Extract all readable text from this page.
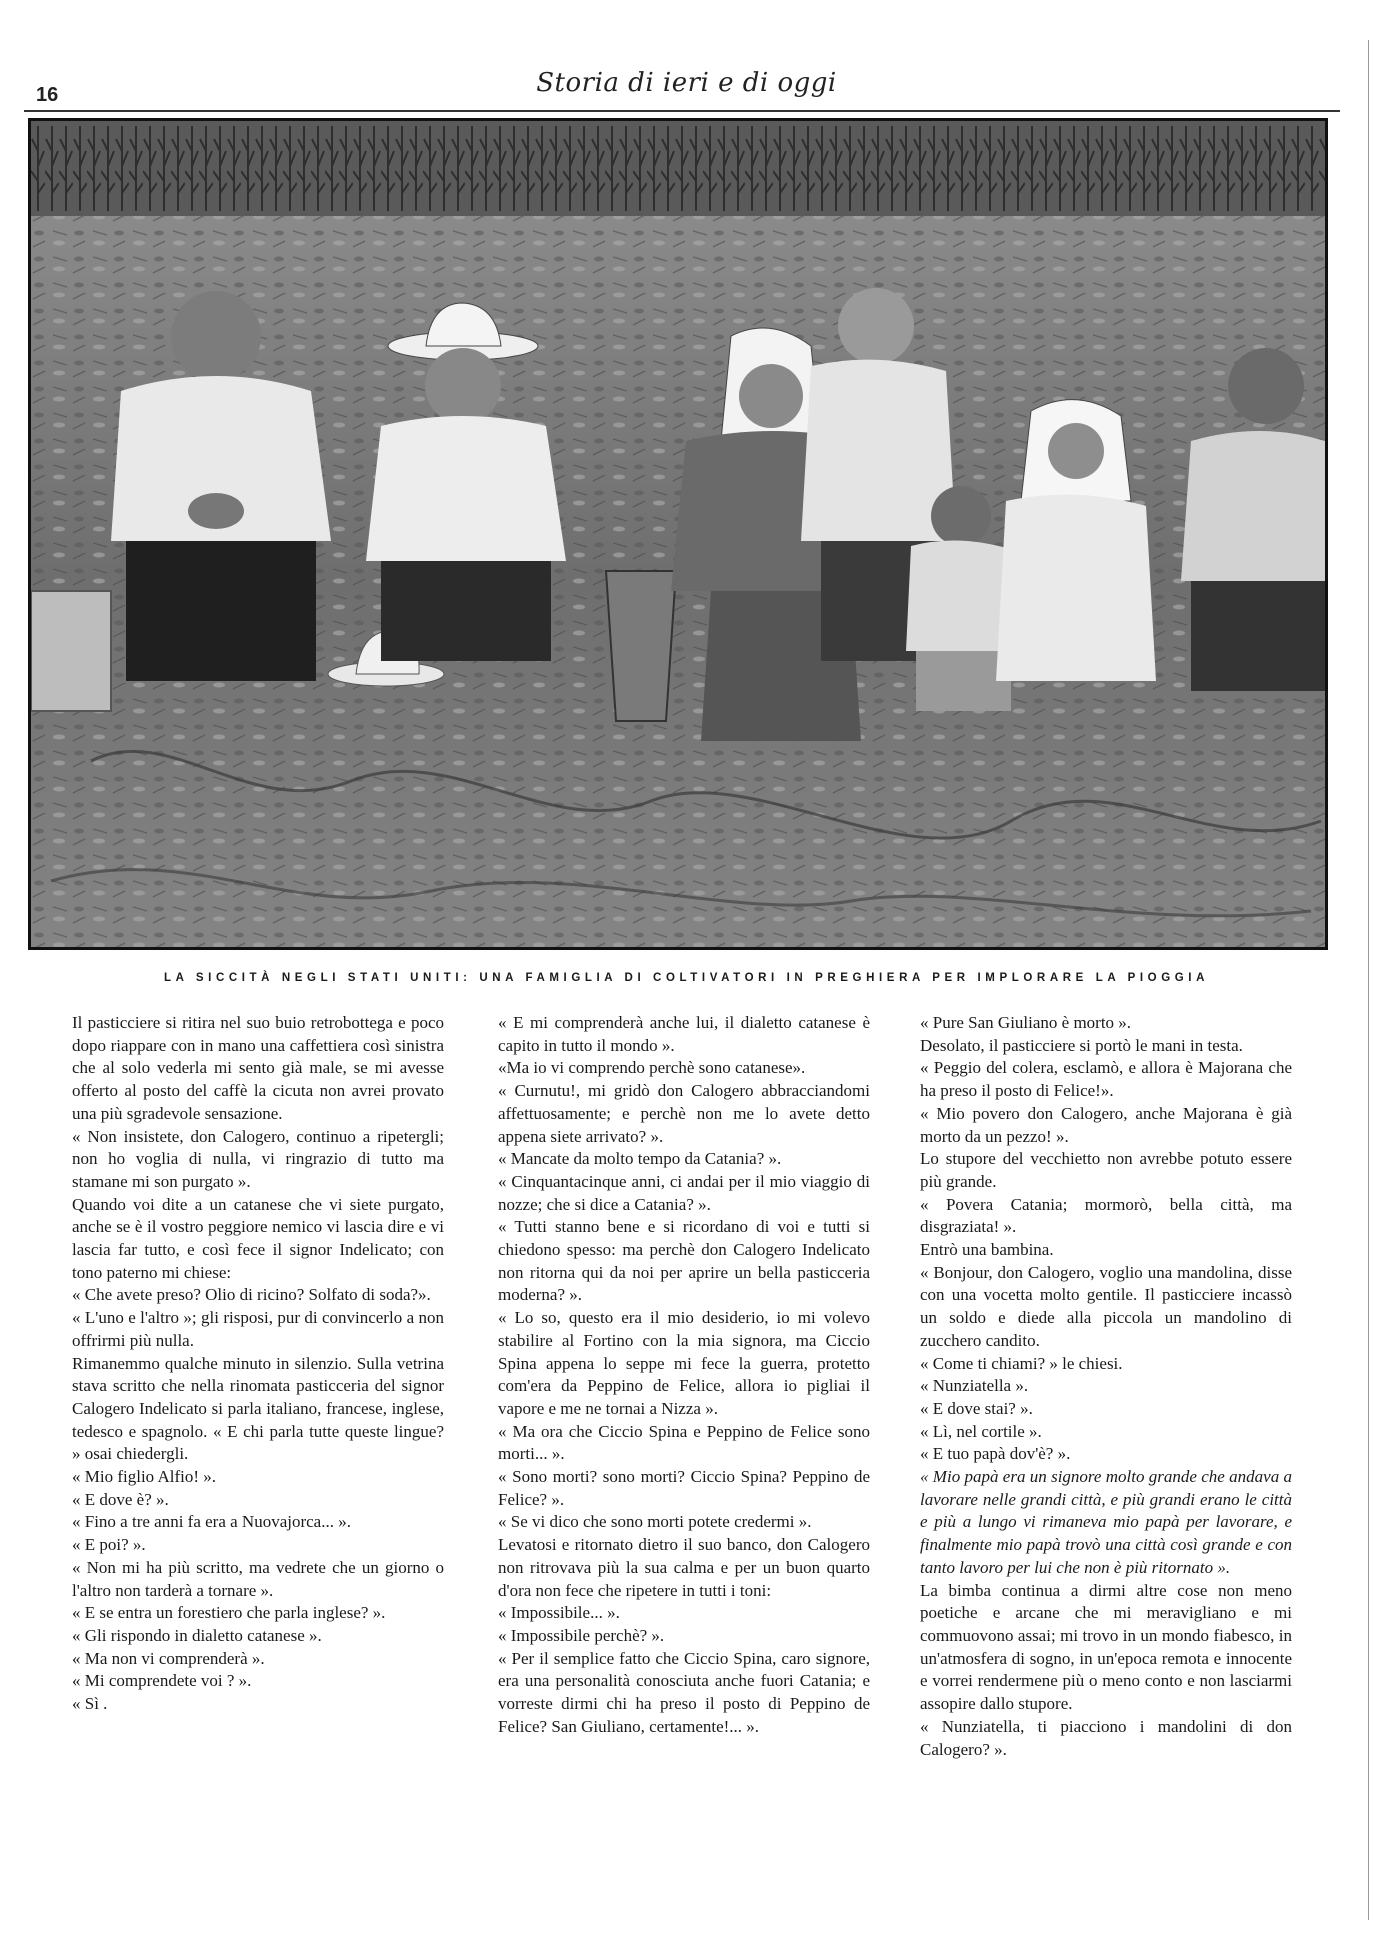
16	Storia di ieri e di oggi
LA SICCITÀ NEGLI STATI UNITI: UNA FAMIGLIA DI COLTIVATORI IN PREGHIERA PER IMPLORARE LA PIOGGIA

Il pasticciere si ritira nel suo buio retrobottega e poco dopo riappare con in mano una caffettiera così sinistra che al solo vederla mi sento già male, se mi avesse offerto al posto del caffè la cicuta non avrei provato una più sgradevole sensazione.

« Non insistete, don Calogero, continuo a ripetergli; non ho voglia di nulla, vi ringrazio di tutto ma stamane mi son purgato ».

Quando voi dite a un catanese che vi siete purgato, anche se è il vostro peggiore nemico vi lascia dire e vi lascia far tutto, e così fece il signor Indelicato; con tono paterno mi chiese:

« Che avete preso? Olio di ricino? Solfato di soda?».

« L'uno e l'altro »; gli risposi, pur di convincerlo a non offrirmi più nulla.

Rimanemmo qualche minuto in silenzio. Sulla vetrina stava scritto che nella rinomata pasticceria del signor Calogero Indelicato si parla italiano, francese, inglese, tedesco e spagnolo. « E chi parla tutte queste lingue? » osai chiedergli.

« Mio figlio Alfio! ».

« E dove è? ».

« Fino a tre anni fa era a Nuovajorca... ».

« E poi? ».

« Non mi ha più scritto, ma vedrete che un giorno o l'altro non tarderà a tornare ».

« E se entra un forestiero che parla inglese? ».

« Gli rispondo in dialetto catanese ».

« Ma non vi comprenderà ».

« Mi comprendete voi ? ».

« Sì .

« E mi comprenderà anche lui, il dialetto catanese è capito in tutto il mondo ».

«Ma io vi comprendo perchè sono catanese».

« Curnutu!, mi gridò don Calogero abbracciandomi affettuosamente; e perchè non me lo avete detto appena siete arrivato? ».

« Mancate da molto tempo da Catania? ».

« Cinquantacinque anni, ci andai per il mio viaggio di nozze; che si dice a Catania? ».

« Tutti stanno bene e si ricordano di voi e tutti si chiedono spesso: ma perchè don Calogero Indelicato non ritorna qui da noi per aprire un bella pasticceria moderna? ».

« Lo so, questo era il mio desiderio, io mi volevo stabilire al Fortino con la mia signora, ma Ciccio Spina appena lo seppe mi fece la guerra, protetto com'era da Peppino de Felice, allora io pigliai il vapore e me ne tornai a Nizza ».

« Ma ora che Ciccio Spina e Peppino de Felice sono morti... ».

« Sono morti? sono morti? Ciccio Spina? Peppino de Felice? ».

« Se vi dico che sono morti potete credermi ».

Levatosi e ritornato dietro il suo banco, don Calogero non ritrovava più la sua calma e per un buon quarto d'ora non fece che ripetere in tutti i toni:

« Impossibile... ».

« Impossibile perchè? ».

« Per il semplice fatto che Ciccio Spina, caro signore, era una personalità conosciuta anche fuori Catania; e vorreste dirmi chi ha preso il posto di Peppino de Felice? San Giuliano, certamente!... ».

« Pure San Giuliano è morto ».

Desolato, il pasticciere si portò le mani in testa.

« Peggio del colera, esclamò, e allora è Majorana che ha preso il posto di Felice!».

« Mio povero don Calogero, anche Majorana è già morto da un pezzo! ».

Lo stupore del vecchietto non avrebbe potuto essere più grande.

« Povera Catania; mormorò, bella città, ma disgraziata! ».

Entrò una bambina.

« Bonjour, don Calogero, voglio una mandolina, disse con una vocetta molto gentile. Il pasticciere incassò un soldo e diede alla piccola un mandolino di zucchero candito.

« Come ti chiami? » le chiesi.

« Nunziatella ».

« E dove stai? ».

« Lì, nel cortile ».

« E tuo papà dov'è? ».

« Mio papà era un signore molto grande che andava a lavorare nelle grandi città, e più grandi erano le città e più a lungo vi rimaneva mio papà per lavorare, e finalmente mio papà trovò una città così grande e con tanto lavoro per lui che non è più ritornato ».

La bimba continua a dirmi altre cose non meno poetiche e arcane che mi meravigliano e mi commuovono assai; mi trovo in un mondo fiabesco, in un'atmosfera di sogno, in un'epoca remota e innocente e vorrei rendermene più o meno conto e non lasciarmi assopire dallo stupore.

« Nunziatella, ti piacciono i mandolini di don Calogero? ».
